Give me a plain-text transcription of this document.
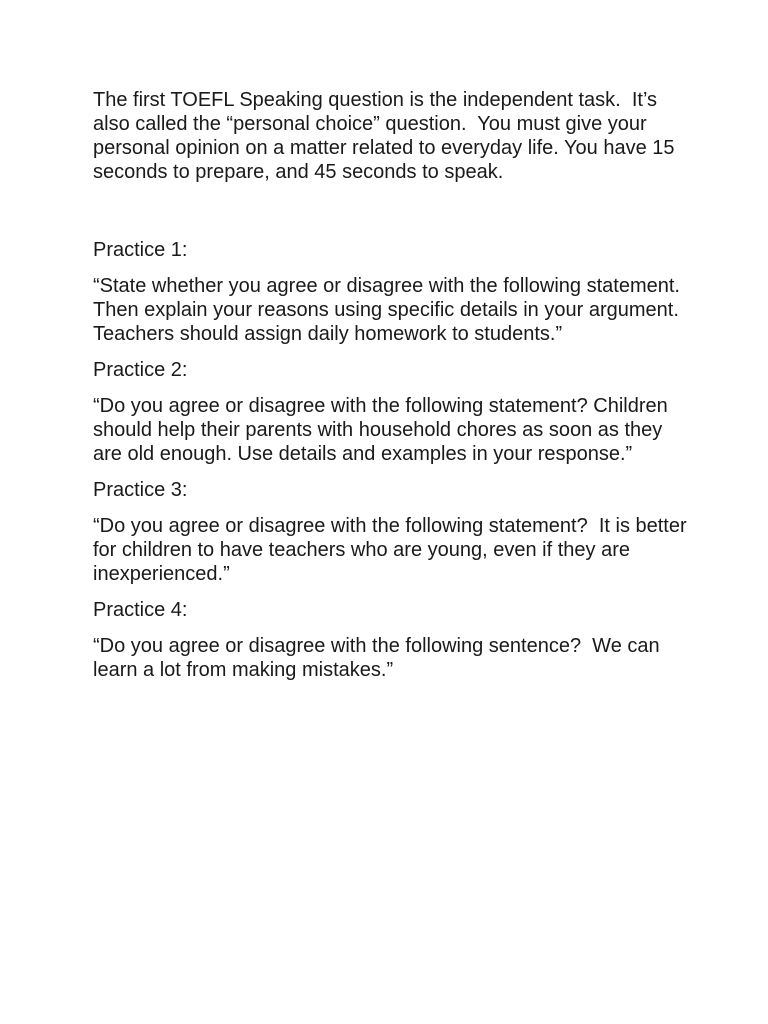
The first TOEFL Speaking question is the independent task.  It’s also called the “personal choice” question.  You must give your personal opinion on a matter related to everyday life. You have 15 seconds to prepare, and 45 seconds to speak.

Practice 1:

“State whether you agree or disagree with the following statement. Then explain your reasons using specific details in your argument. Teachers should assign daily homework to students.”

Practice 2:

“Do you agree or disagree with the following statement? Children should help their parents with household chores as soon as they are old enough. Use details and examples in your response.”

Practice 3:

“Do you agree or disagree with the following statement?  It is better for children to have teachers who are young, even if they are inexperienced.”

Practice 4:

“Do you agree or disagree with the following sentence?  We can learn a lot from making mistakes.”
